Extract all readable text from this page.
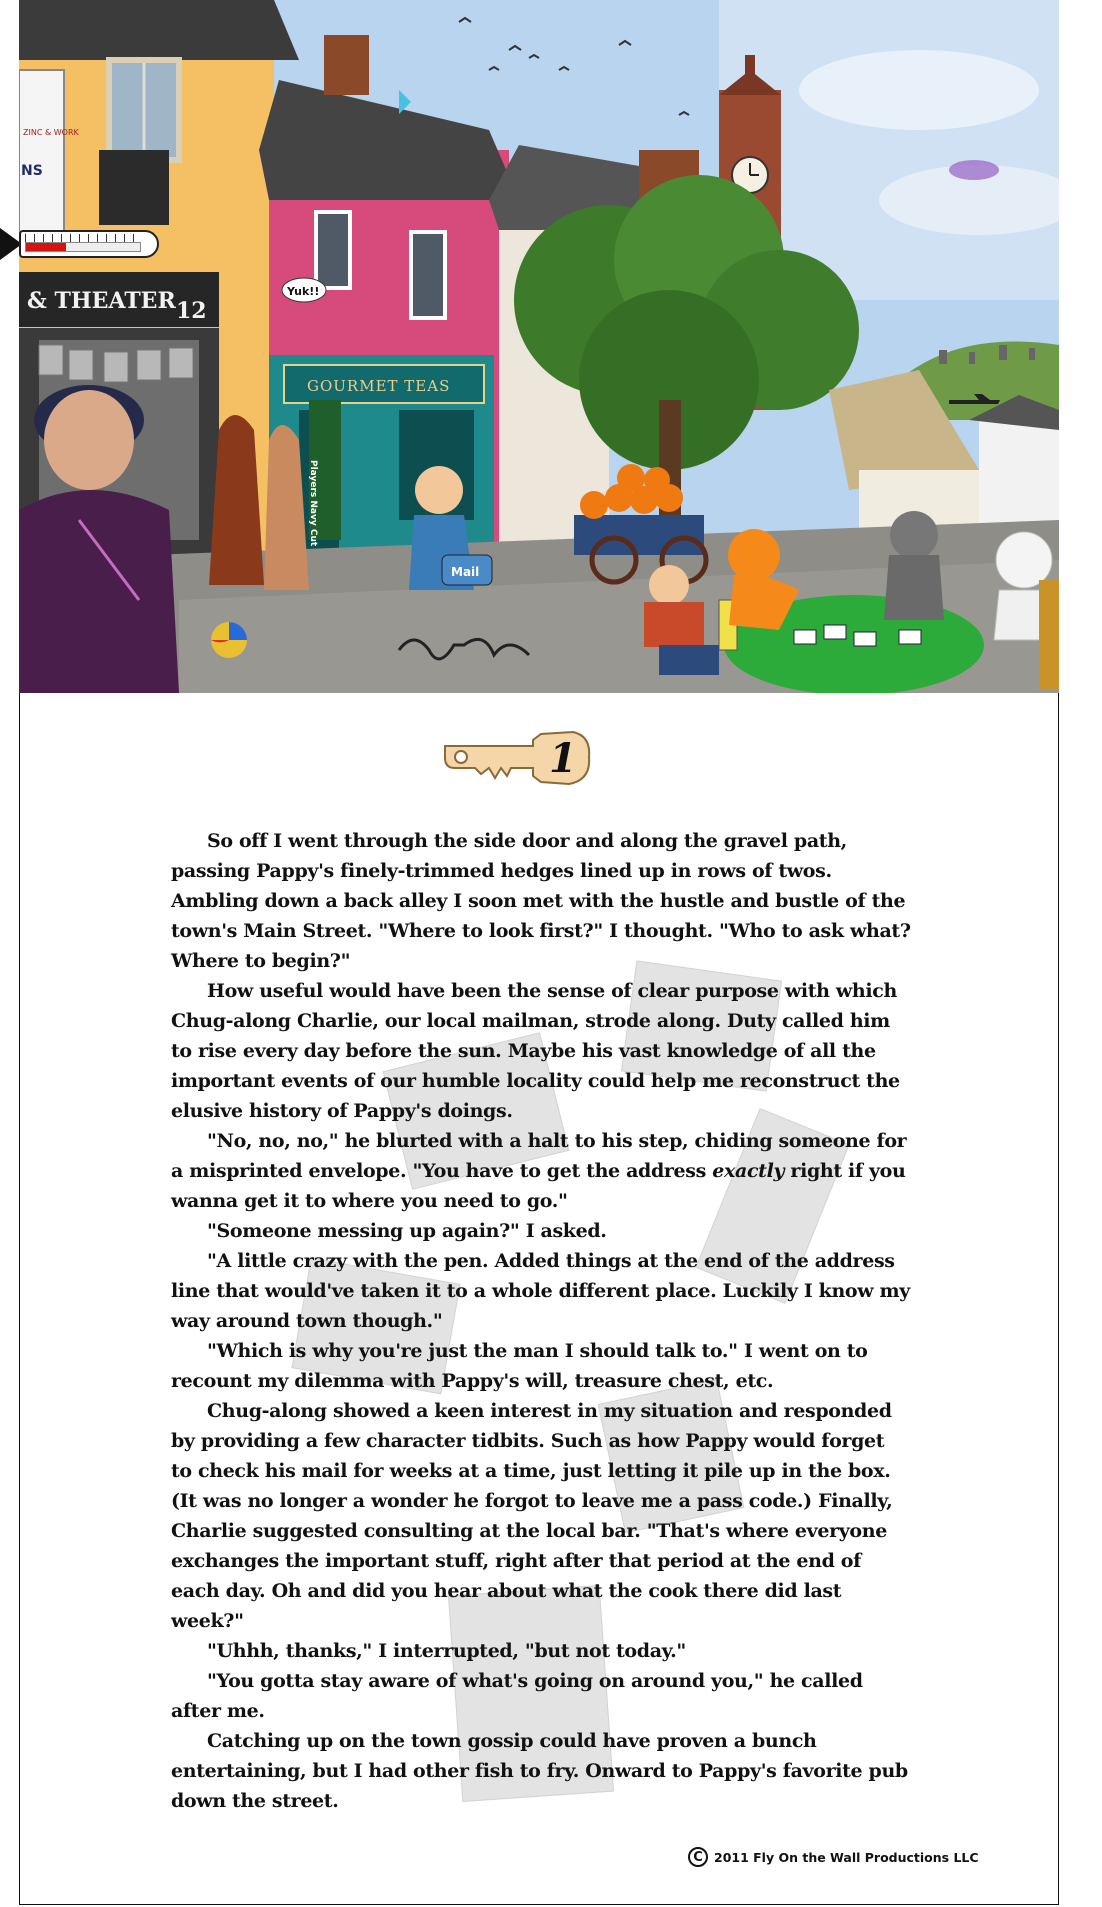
Mail
& THEATER 12
GOURMET TEAS
ZINC & WORK
NS
Players Navy Cut
Yuk!!
1

So off I went through the side door and along the gravel path, passing Pappy's finely-trimmed hedges lined up in rows of twos. Ambling down a back alley I soon met with the hustle and bustle of the town's Main Street. "Where to look first?" I thought. "Who to ask what? Where to begin?"

How useful would have been the sense of clear purpose with which Chug-along Charlie, our local mailman, strode along. Duty called him to rise every day before the sun. Maybe his vast knowledge of all the important events of our humble locality could help me reconstruct the elusive history of Pappy's doings.

"No, no, no," he blurted with a halt to his step, chiding someone for a misprinted envelope. "You have to get the address exactly right if you wanna get it to where you need to go."

"Someone messing up again?" I asked.

"A little crazy with the pen. Added things at the end of the address line that would've taken it to a whole different place. Luckily I know my way around town though."

"Which is why you're just the man I should talk to." I went on to recount my dilemma with Pappy's will, treasure chest, etc.

Chug-along showed a keen interest in my situation and responded by providing a few character tidbits. Such as how Pappy would forget to check his mail for weeks at a time, just letting it pile up in the box. (It was no longer a wonder he forgot to leave me a pass code.) Finally, Charlie suggested consulting at the local bar. "That's where everyone exchanges the important stuff, right after that period at the end of each day. Oh and did you hear about what the cook there did last week?"

"Uhhh, thanks," I interrupted, "but not today."

"You gotta stay aware of what's going on around you," he called after me.

Catching up on the town gossip could have proven a bunch entertaining, but I had other fish to fry. Onward to Pappy's favorite pub down the street.

C 2011 Fly On the Wall Productions LLC
